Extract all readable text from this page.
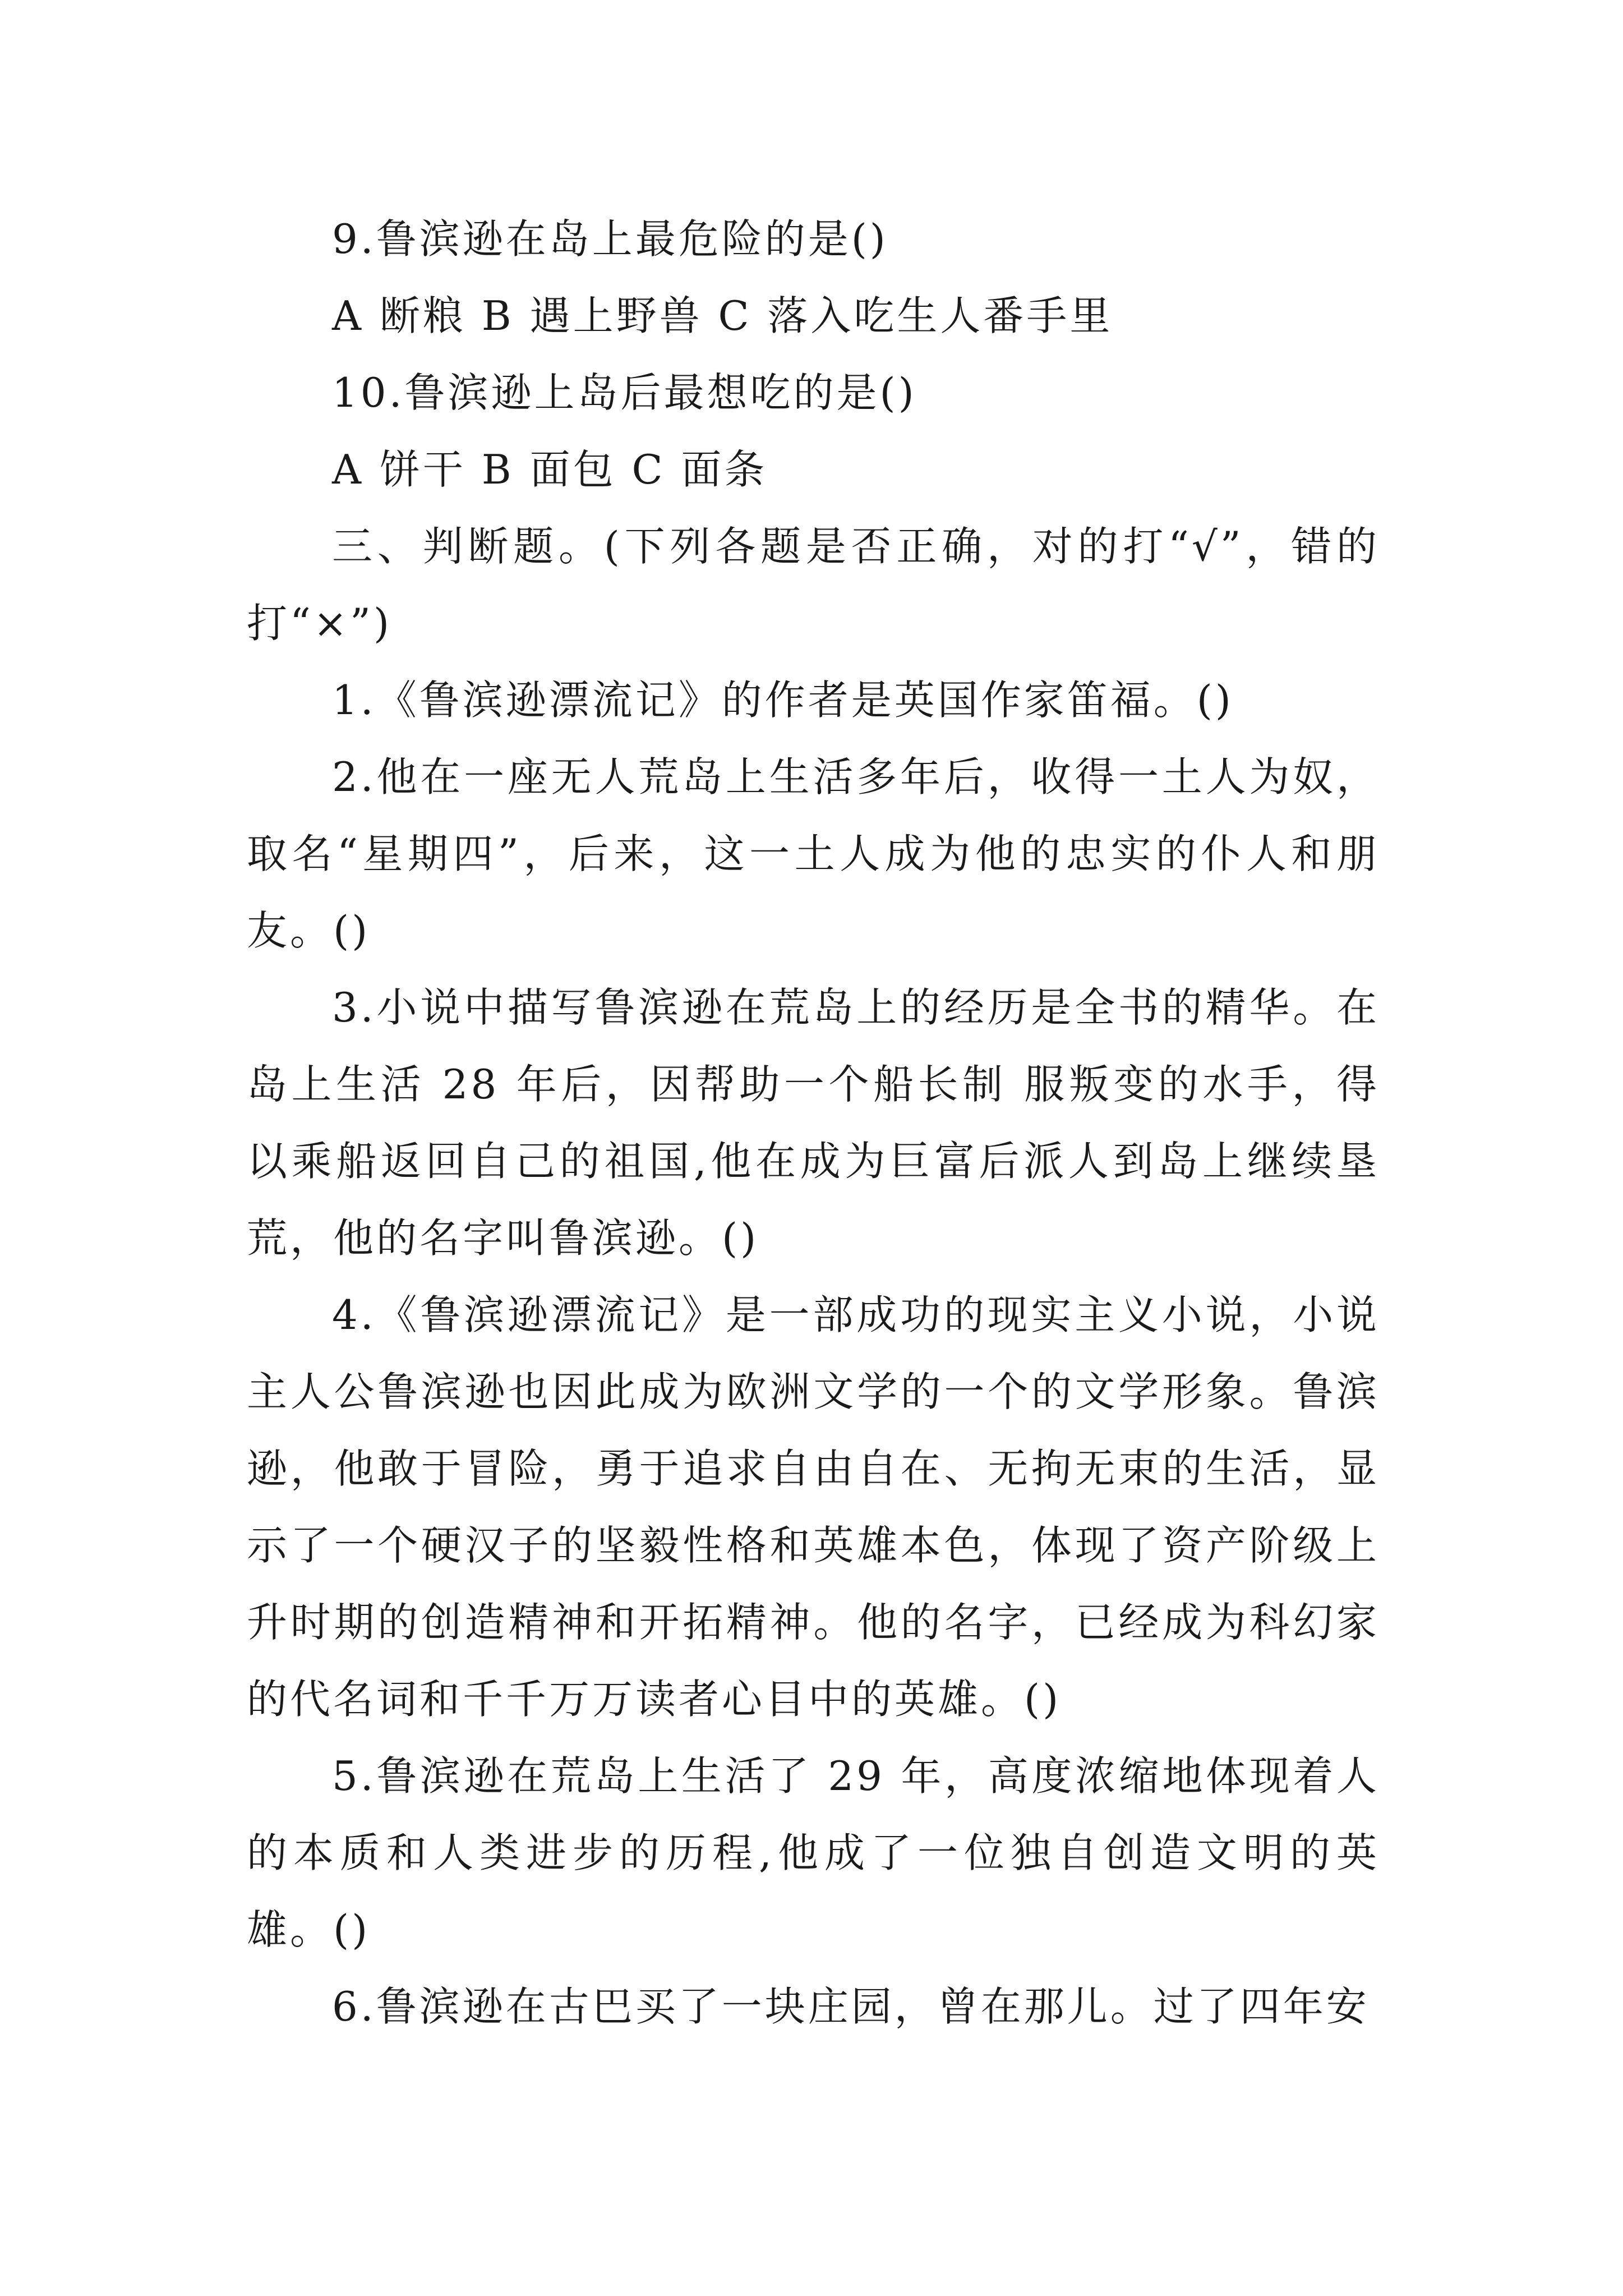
9.鲁滨逊在岛上最危险的是()

A 断粮 B 遇上野兽 C 落入吃生人番手里

10.鲁滨逊上岛后最想吃的是()

A 饼干 B 面包 C 面条

三、判断题。(下列各题是否正确，对的打“√”，错的打“×”)

1.《鲁滨逊漂流记》的作者是英国作家笛福。()

2.他在一座无人荒岛上生活多年后，收得一土人为奴，取名“星期四”，后来，这一土人成为他的忠实的仆人和朋友。()

3.小说中描写鲁滨逊在荒岛上的经历是全书的精华。在岛上生活 28 年后，因帮助一个船长制 服叛变的水手，得以乘船返回自己的祖国,他在成为巨富后派人到岛上继续垦荒，他的名字叫鲁滨逊。()

4.《鲁滨逊漂流记》是一部成功的现实主义小说，小说主人公鲁滨逊也因此成为欧洲文学的一个的文学形象。鲁滨逊，他敢于冒险，勇于追求自由自在、无拘无束的生活，显示了一个硬汉子的坚毅性格和英雄本色，体现了资产阶级上升时期的创造精神和开拓精神。他的名字，已经成为科幻家的代名词和千千万万读者心目中的英雄。()

5.鲁滨逊在荒岛上生活了 29 年，高度浓缩地体现着人的本质和人类进步的历程,他成了一位独自创造文明的英雄。()

6.鲁滨逊在古巴买了一块庄园，曾在那儿。过了四年安
